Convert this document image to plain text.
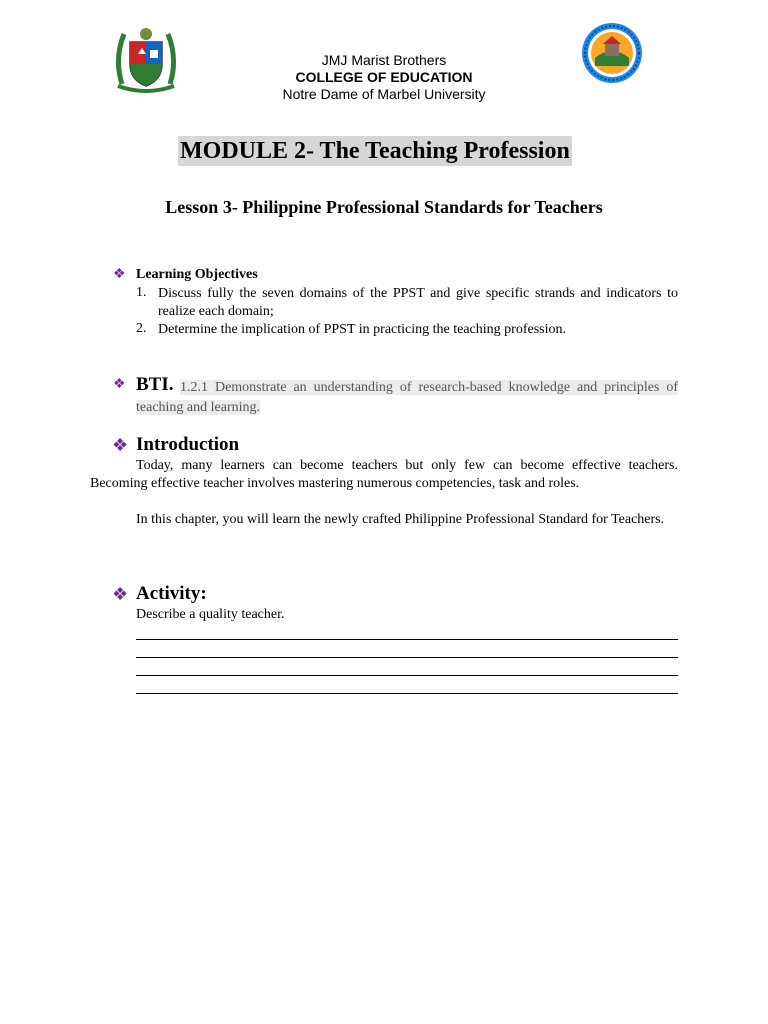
JMJ Marist Brothers
COLLEGE OF EDUCATION
Notre Dame of Marbel University
MODULE 2- The Teaching Profession
Lesson 3- Philippine Professional Standards for Teachers
❖ Learning Objectives
1. Discuss fully the seven domains of the PPST and give specific strands and indicators to realize each domain;
2. Determine the implication of PPST in practicing the teaching profession.
❖ BTI. 1.2.1 Demonstrate an understanding of research-based knowledge and principles of teaching and learning.
❖ Introduction
Today, many learners can become teachers but only few can become effective teachers. Becoming effective teacher involves mastering numerous competencies, task and roles.
In this chapter, you will learn the newly crafted Philippine Professional Standard for Teachers.
❖ Activity:
Describe a quality teacher.
